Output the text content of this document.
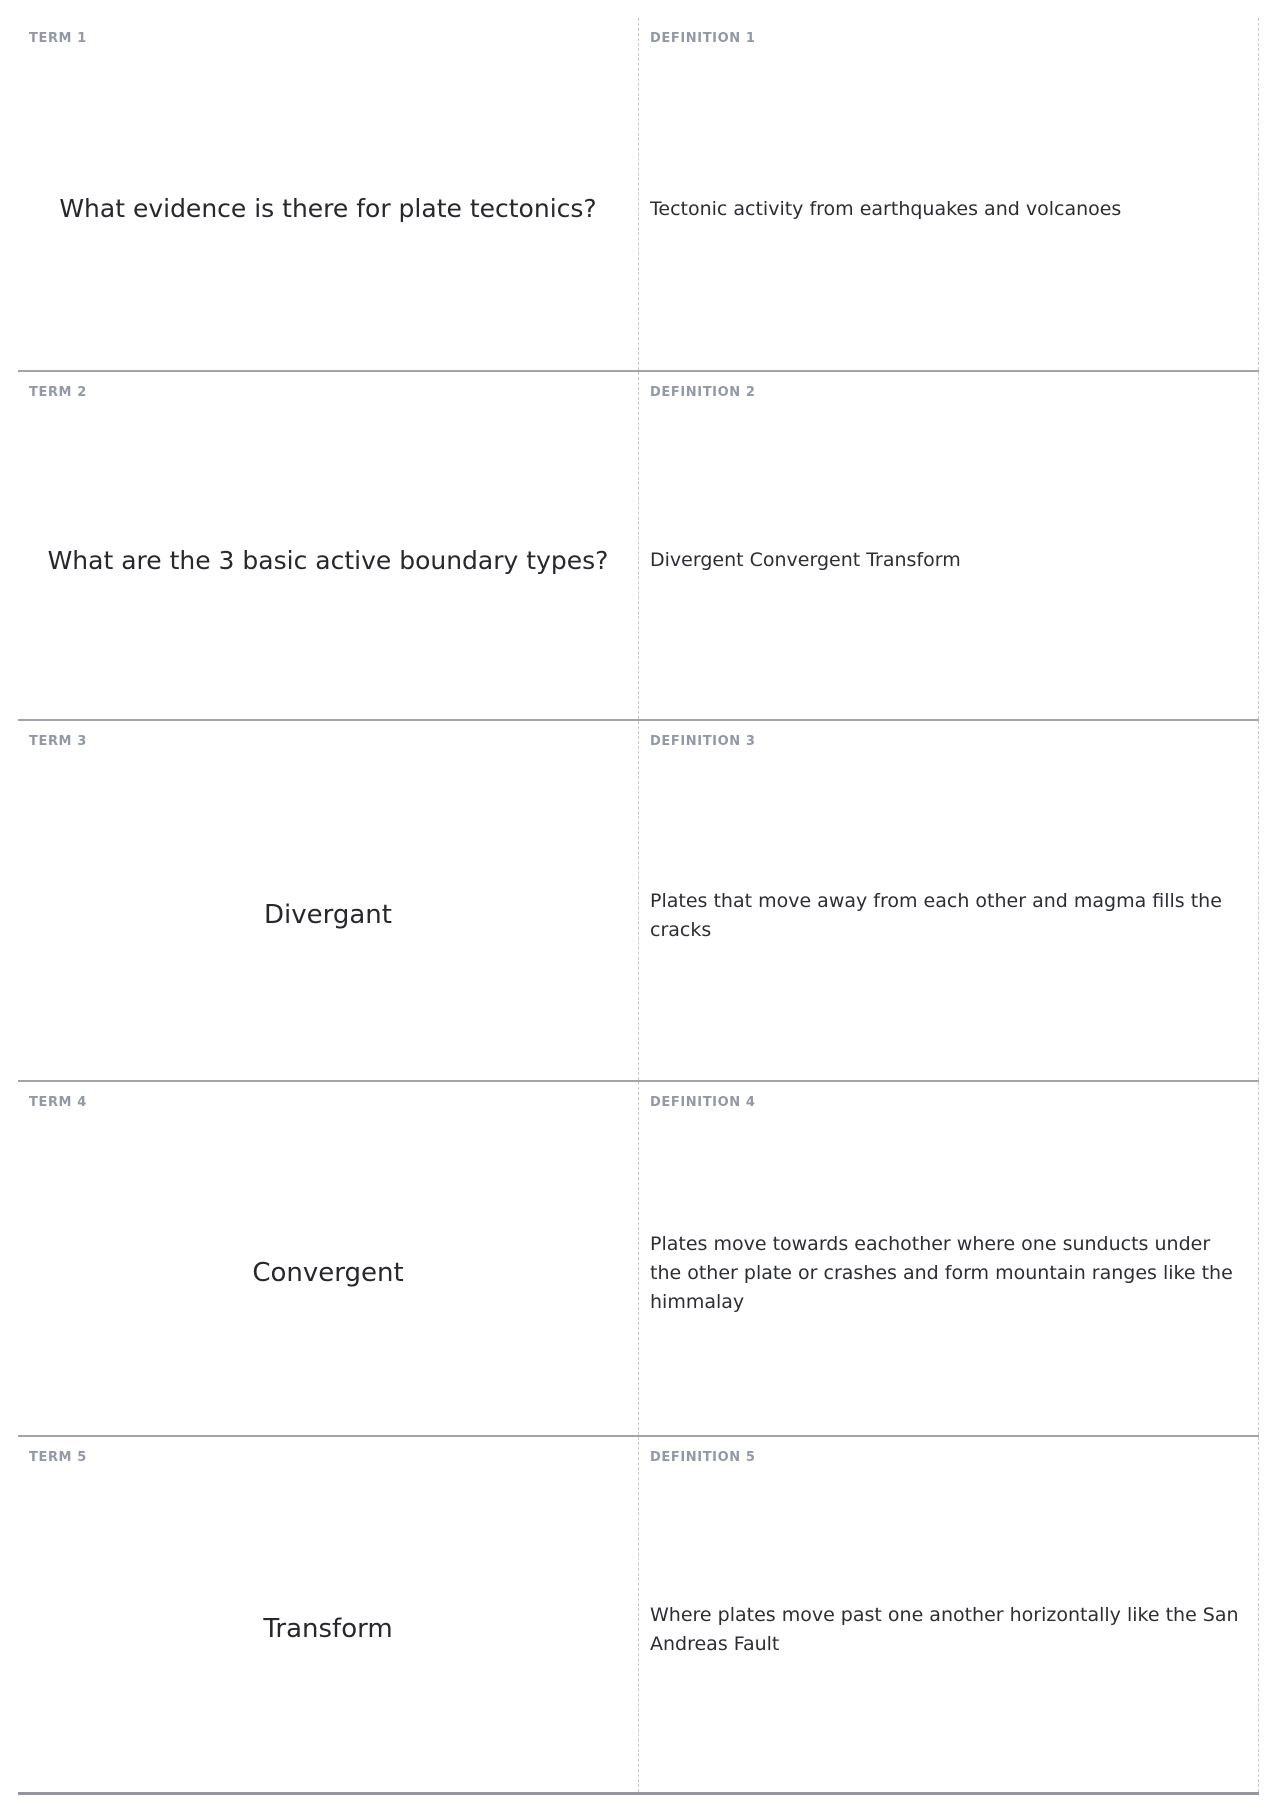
TERM 1
What evidence is there for plate tectonics?
DEFINITION 1
Tectonic activity from earthquakes and volcanoes
TERM 2
What are the 3 basic active boundary types?
DEFINITION 2
Divergent Convergent Transform
TERM 3
Divergant
DEFINITION 3
Plates that move away from each other and magma fills the cracks
TERM 4
Convergent
DEFINITION 4
Plates move towards eachother where one sunducts under the other plate or crashes and form mountain ranges like the himmalay
TERM 5
Transform
DEFINITION 5
Where plates move past one another horizontally like the San Andreas Fault
